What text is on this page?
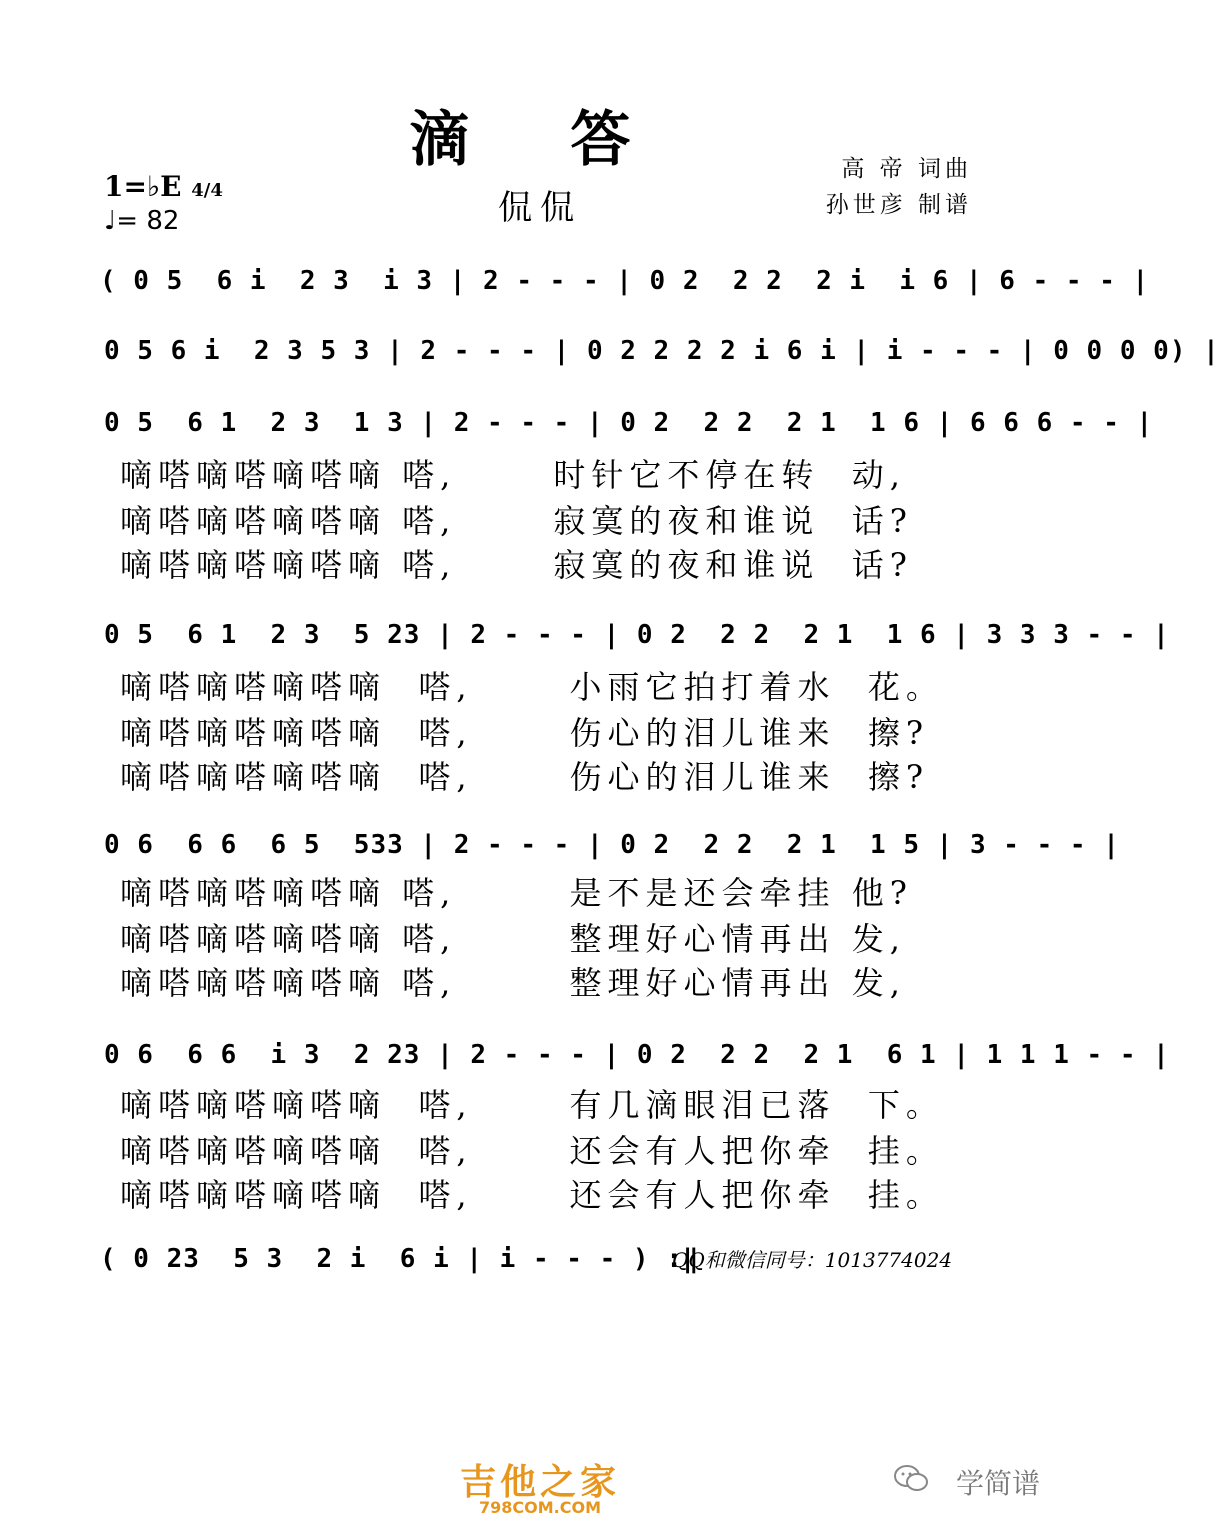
滴 答
侃侃
高 帝 词曲
孙世彦 制谱
1=♭E 4/4
♩= 82
( 0 5  6 i  2 3  i 3 | 2 - - - | 0 2  2 2  2 i  i 6 | 6 - - - |
0 5 6 i  2 3 5 3 | 2 - - - | 0 2 2 2 2 i 6 i | i - - - | 0 0 0 0) |
0 5  6 1  2 3  1 3 | 2 - - - | 0 2  2 2  2 1  1 6 | 6 6 6 - - |
嘀嗒嘀嗒嘀嗒嘀 嗒,      时针它不停在转  动,
嘀嗒嘀嗒嘀嗒嘀 嗒,      寂寞的夜和谁说  话?
嘀嗒嘀嗒嘀嗒嘀 嗒,      寂寞的夜和谁说  话?
0 5  6 1  2 3  5 23 | 2 - - - | 0 2  2 2  2 1  1 6 | 3 3 3 - - |
嘀嗒嘀嗒嘀嗒嘀  嗒,      小雨它拍打着水  花。
嘀嗒嘀嗒嘀嗒嘀  嗒,      伤心的泪儿谁来  擦?
嘀嗒嘀嗒嘀嗒嘀  嗒,      伤心的泪儿谁来  擦?
0 6  6 6  6 5  533 | 2 - - - | 0 2  2 2  2 1  1 5 | 3 - - - |
嘀嗒嘀嗒嘀嗒嘀 嗒,       是不是还会牵挂 他?
嘀嗒嘀嗒嘀嗒嘀 嗒,       整理好心情再出 发,
嘀嗒嘀嗒嘀嗒嘀 嗒,       整理好心情再出 发,
0 6  6 6  i 3  2 23 | 2 - - - | 0 2  2 2  2 1  6 1 | 1 1 1 - - |
嘀嗒嘀嗒嘀嗒嘀  嗒,      有几滴眼泪已落  下。
嘀嗒嘀嗒嘀嗒嘀  嗒,      还会有人把你牵  挂。
嘀嗒嘀嗒嘀嗒嘀  嗒,      还会有人把你牵  挂。
( 0 23  5 3  2 i  6 i | i - - - ) :‖
QQ和微信同号：1013774024
吉他之家
798COM.COM
学简谱
